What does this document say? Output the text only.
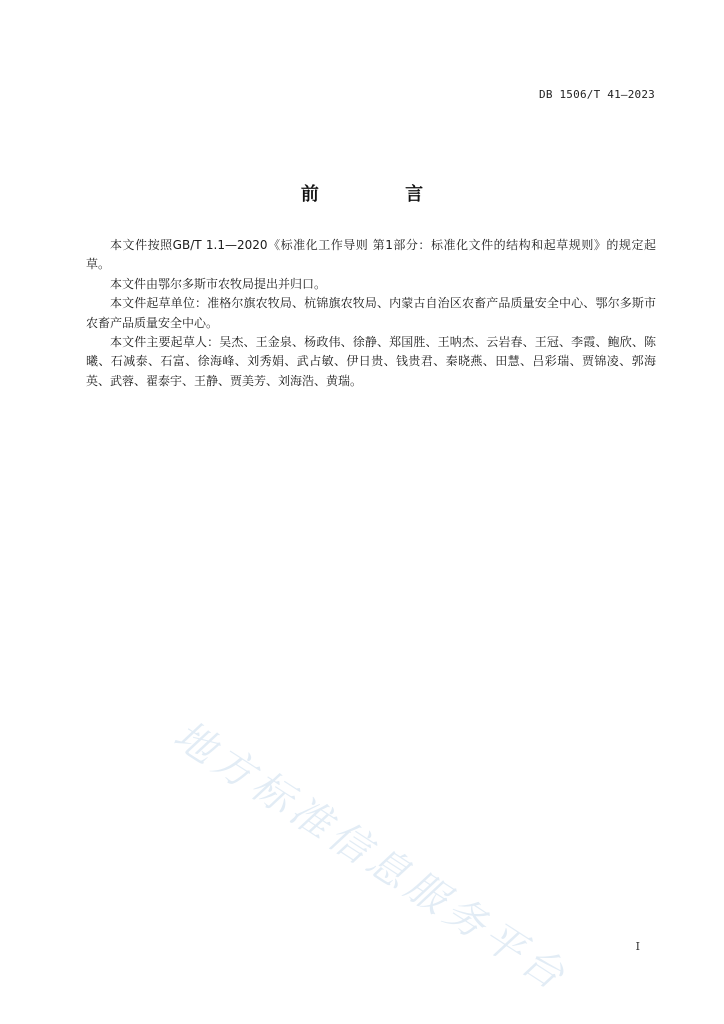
DB 1506/T 41—2023
前 言

本文件按照GB/T 1.1—2020《标准化工作导则 第1部分：标准化文件的结构和起草规则》的规定起草。

本文件由鄂尔多斯市农牧局提出并归口。

本文件起草单位：准格尔旗农牧局、杭锦旗农牧局、内蒙古自治区农畜产品质量安全中心、鄂尔多斯市农畜产品质量安全中心。

本文件主要起草人：吴杰、王金泉、杨政伟、徐静、郑国胜、王呐杰、云岩春、王冠、李霞、鲍欣、陈曦、石减泰、石富、徐海峰、刘秀娟、武占敏、伊日贵、钱贵君、秦晓燕、田慧、吕彩瑞、贾锦凌、郭海英、武蓉、翟泰宇、王静、贾美芳、刘海浩、黄瑞。

地方标准信息服务平台	I
